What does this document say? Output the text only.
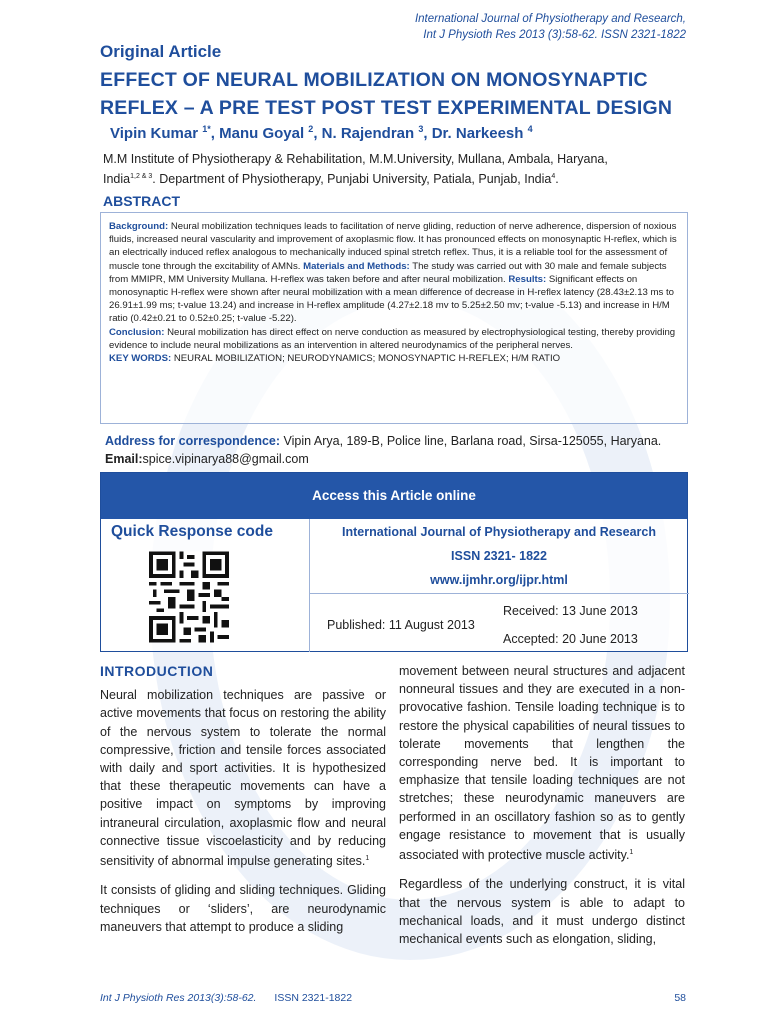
International Journal of Physiotherapy and Research,
Int J Physioth Res 2013 (3):58-62. ISSN 2321-1822
Original Article
EFFECT OF NEURAL MOBILIZATION ON MONOSYNAPTIC REFLEX – A PRE TEST POST TEST EXPERIMENTAL DESIGN
Vipin Kumar $^{1*}$, Manu Goyal $^2$, N. Rajendran $^3$, Dr. Narkeesh $^4$
M.M Institute of Physiotherapy & Rehabilitation, M.M.University, Mullana, Ambala, Haryana,
India$^{1,2 \& 3}$. Department of Physiotherapy, Punjabi University, Patiala, Punjab, India$^4$.
ABSTRACT

Background: Neural mobilization techniques leads to facilitation of nerve gliding, reduction of nerve adherence, dispersion of noxious fluids, increased neural vascularity and improvement of axoplasmic flow. It has pronounced effects on monosynaptic H-reflex, which is an electrically induced reflex analogous to mechanically induced spinal stretch reflex. Thus, it is a reliable tool for the assessment of muscle tone through the excitability of AMNs. Materials and Methods: The study was carried out with 30 male and female subjects from MMIPR, MM University Mullana. H-reflex was taken before and after neural mobilization. Results: Significant effects on monosynaptic H-reflex were shown after neural mobilization with a mean difference of decrease in H-reflex latency (28.43±2.13 ms to 26.91±1.99 ms; t-value 13.24) and increase in H-reflex amplitude (4.27±2.18 mv to 5.25±2.50 mv; t-value -5.13) and increase in H/M ratio (0.42±0.21 to 0.52±0.25; t-value -5.22).

Conclusion: Neural mobilization has direct effect on nerve conduction as measured by electrophysiological testing, thereby providing evidence to include neural mobilizations as an intervention in altered neurodynamics of the peripheral nerves.

KEY WORDS: NEURAL MOBILIZATION; NEURODYNAMICS; MONOSYNAPTIC H-REFLEX; H/M RATIO

Address for correspondence: Vipin Arya, 189-B, Police line, Barlana road, Sirsa-125055, Haryana.
Email:spice.vipinarya88@gmail.com
Access this Article online
Quick Response code	International Journal of Physiotherapy and Research
ISSN 2321- 1822
www.ijmhr.org/ijpr.html
Published: 11 August 2013
Received: 13 June 2013
Accepted: 20 June 2013
INTRODUCTION

Neural mobilization techniques are passive or active movements that focus on restoring the ability of the nervous system to tolerate the normal compressive, friction and tensile forces associated with daily and sport activities. It is hypothesized that these therapeutic movements can have a positive impact on symptoms by improving intraneural circulation, axoplasmic flow and neural connective tissue viscoelasticity and by reducing sensitivity of abnormal impulse generating sites.$^1$

It consists of gliding and sliding techniques. Gliding techniques or ‘sliders’, are neurodynamic maneuvers that attempt to produce a sliding

movement between neural structures and adjacent nonneural tissues and they are executed in a non-provocative fashion. Tensile loading technique is to restore the physical capabilities of neural tissues to tolerate movements that lengthen the corresponding nerve bed. It is important to emphasize that tensile loading techniques are not stretches; these neurodynamic maneuvers are performed in an oscillatory fashion so as to gently engage resistance to movement that is usually associated with protective muscle activity.$^1$

Regardless of the underlying construct, it is vital that the nervous system is able to adapt to mechanical loads, and it must undergo distinct mechanical events such as elongation, sliding,

Int J Physioth Res 2013(3):58-62. ISSN 2321-1822	58
